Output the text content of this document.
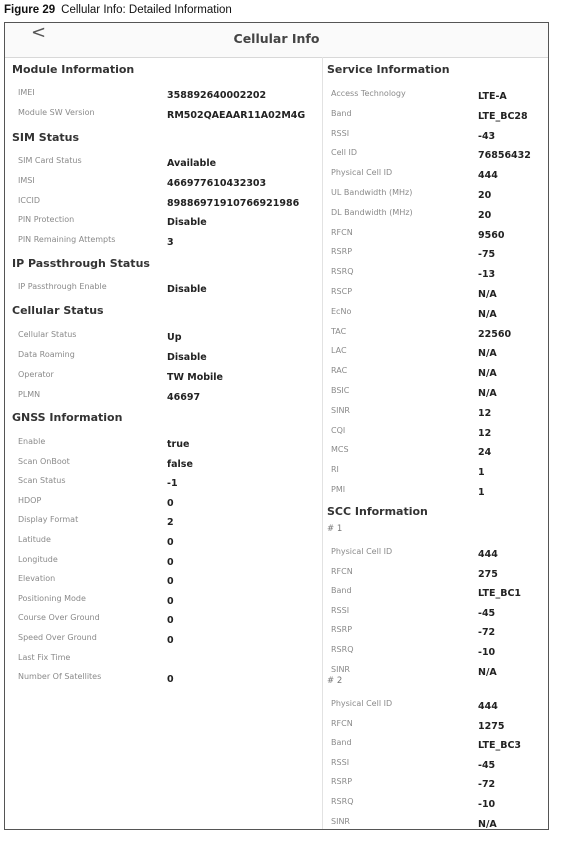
Figure 29 Cellular Info: Detailed Information
<	Cellular Info
Module Information
IMEI	358892640002202
Module SW Version	RM502QAEAAR11A02M4G
SIM Status
SIM Card Status	Available
IMSI	466977610432303
ICCID	89886971910766921986
PIN Protection	Disable
PIN Remaining Attempts	3
IP Passthrough Status
IP Passthrough Enable	Disable
Cellular Status
Cellular Status	Up
Data Roaming	Disable
Operator	TW Mobile
PLMN	46697
GNSS Information
Enable	true
Scan OnBoot	false
Scan Status	-1
HDOP	0
Display Format	2
Latitude	0
Longitude	0
Elevation	0
Positioning Mode	0
Course Over Ground	0
Speed Over Ground	0
Last Fix Time
Number Of Satellites	0
Service Information
Access Technology	LTE-A
Band	LTE_BC28
RSSI	-43
Cell ID	76856432
Physical Cell ID	444
UL Bandwidth (MHz)	20
DL Bandwidth (MHz)	20
RFCN	9560
RSRP	-75
RSRQ	-13
RSCP	N/A
EcNo	N/A
TAC	22560
LAC	N/A
RAC	N/A
BSIC	N/A
SINR	12
CQI	12
MCS	24
RI	1
PMI	1
SCC Information
# 1
Physical Cell ID	444
RFCN	275
Band	LTE_BC1
RSSI	-45
RSRP	-72
RSRQ	-10
SINR	N/A
# 2
Physical Cell ID	444
RFCN	1275
Band	LTE_BC3
RSSI	-45
RSRP	-72
RSRQ	-10
SINR	N/A
